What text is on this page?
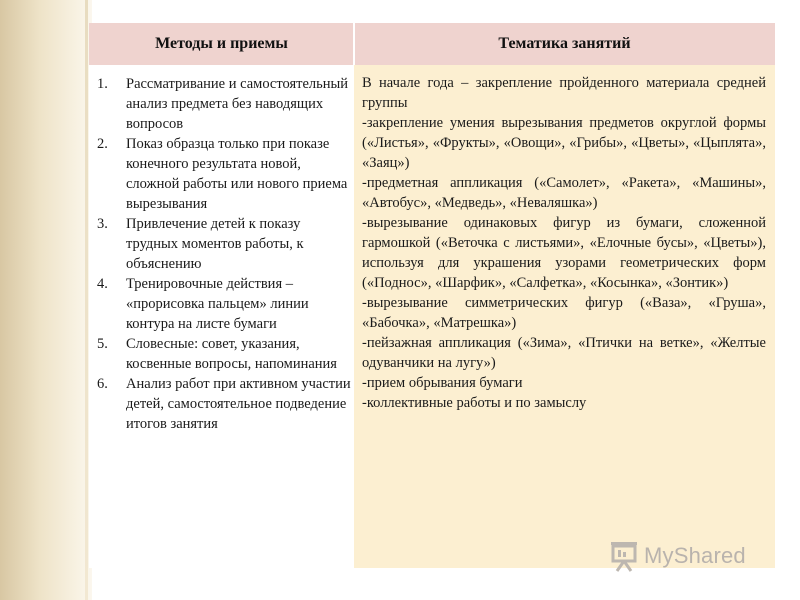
Методы и приемы	Тематика занятий
1. Рассматривание и самостоятельный анализ предмета без наводящих вопросов
2. Показ образца только при показе конечного результата новой, сложной работы или нового приема вырезывания
3. Привлечение детей к показу трудных моментов работы, к объяснению
4. Тренировочные действия – «прорисовка пальцем» линии контура на листе бумаги
5. Словесные: совет, указания, косвенные вопросы, напоминания
6. Анализ работ при активном участии детей, самостоятельное подведение итогов занятия

В начале года – закрепление пройденного материала средней группы

-закрепление умения вырезывания предметов округлой формы («Листья», «Фрукты», «Овощи», «Грибы», «Цветы», «Цыплята», «Заяц»)

-предметная аппликация («Самолет», «Ракета», «Машины», «Автобус», «Медведь», «Неваляшка»)

-вырезывание одинаковых фигур из бумаги, сложенной гармошкой («Веточка с листьями», «Елочные бусы», «Цветы»), используя для украшения узорами геометрических форм («Поднос», «Шарфик», «Салфетка», «Косынка», «Зонтик»)

-вырезывание симметрических фигур («Ваза», «Груша», «Бабочка», «Матрешка»)

-пейзажная аппликация («Зима», «Птички на ветке», «Желтые одуванчики на лугу»)

-прием обрывания бумаги

-коллективные работы и по замыслу

MyShared
